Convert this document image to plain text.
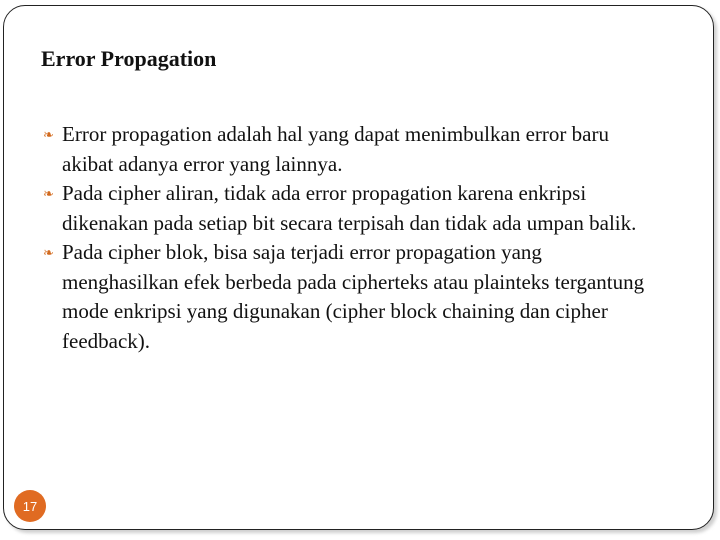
Error Propagation
❧ Error propagation adalah hal yang dapat menimbulkan error baru akibat adanya error yang lainnya.
❧ Pada cipher aliran, tidak ada error propagation karena enkripsi dikenakan pada setiap bit secara terpisah dan tidak ada umpan balik.
❧ Pada cipher blok, bisa saja terjadi error propagation yang menghasilkan efek berbeda pada cipherteks atau plainteks tergantung mode enkripsi yang digunakan (cipher block chaining dan cipher feedback).
17
